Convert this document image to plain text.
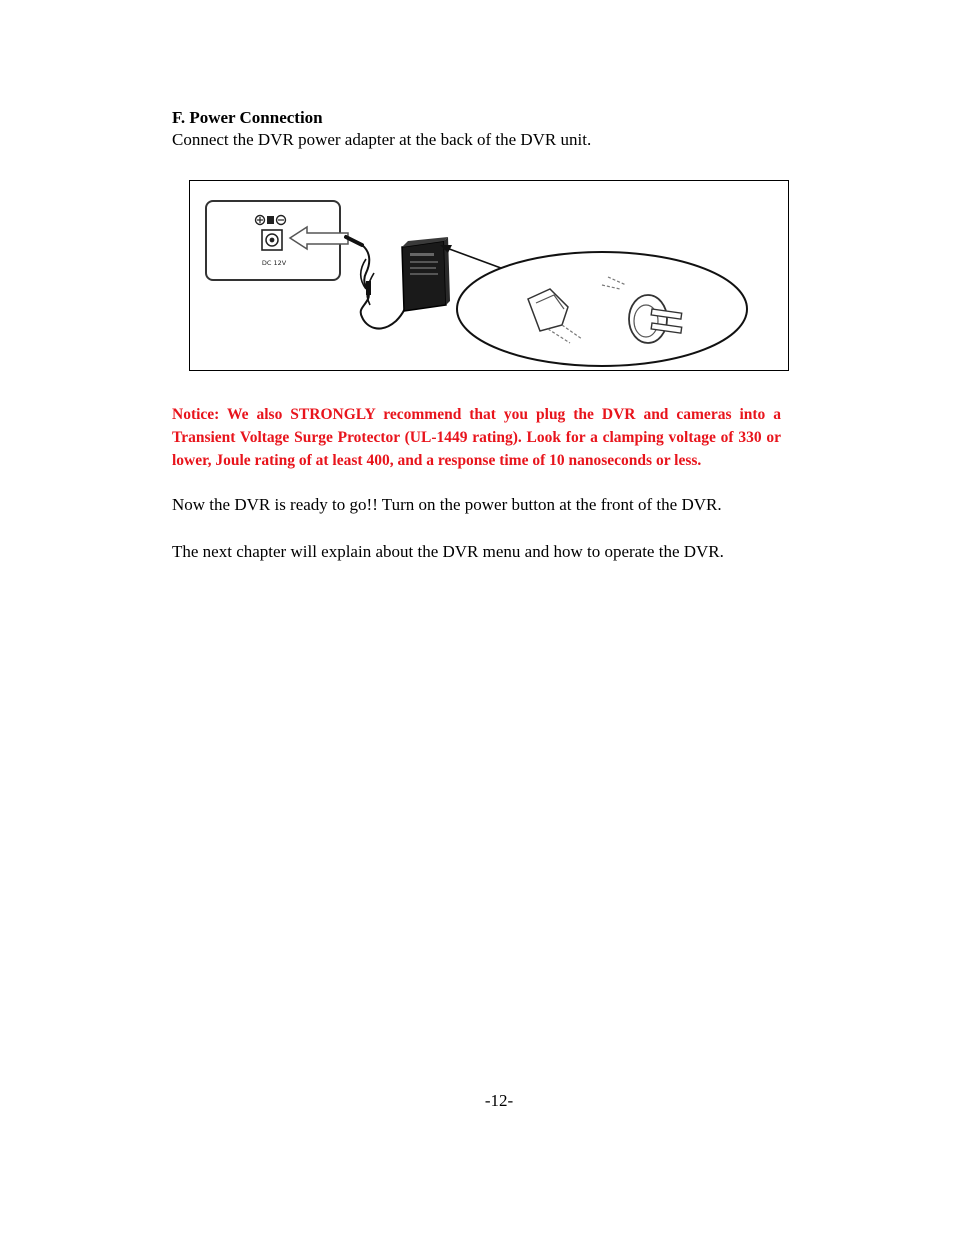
F. Power Connection
Connect the DVR power adapter at the back of the DVR unit.
DC 12V
Notice: We also STRONGLY recommend that you plug the DVR and cameras into a Transient Voltage Surge Protector (UL-1449 rating). Look for a clamping voltage of 330 or lower, Joule rating of at least 400, and a response time of 10 nanoseconds or less.
Now the DVR is ready to go!! Turn on the power button at the front of the DVR.
The next chapter will explain about the DVR menu and how to operate the DVR.
-12-
